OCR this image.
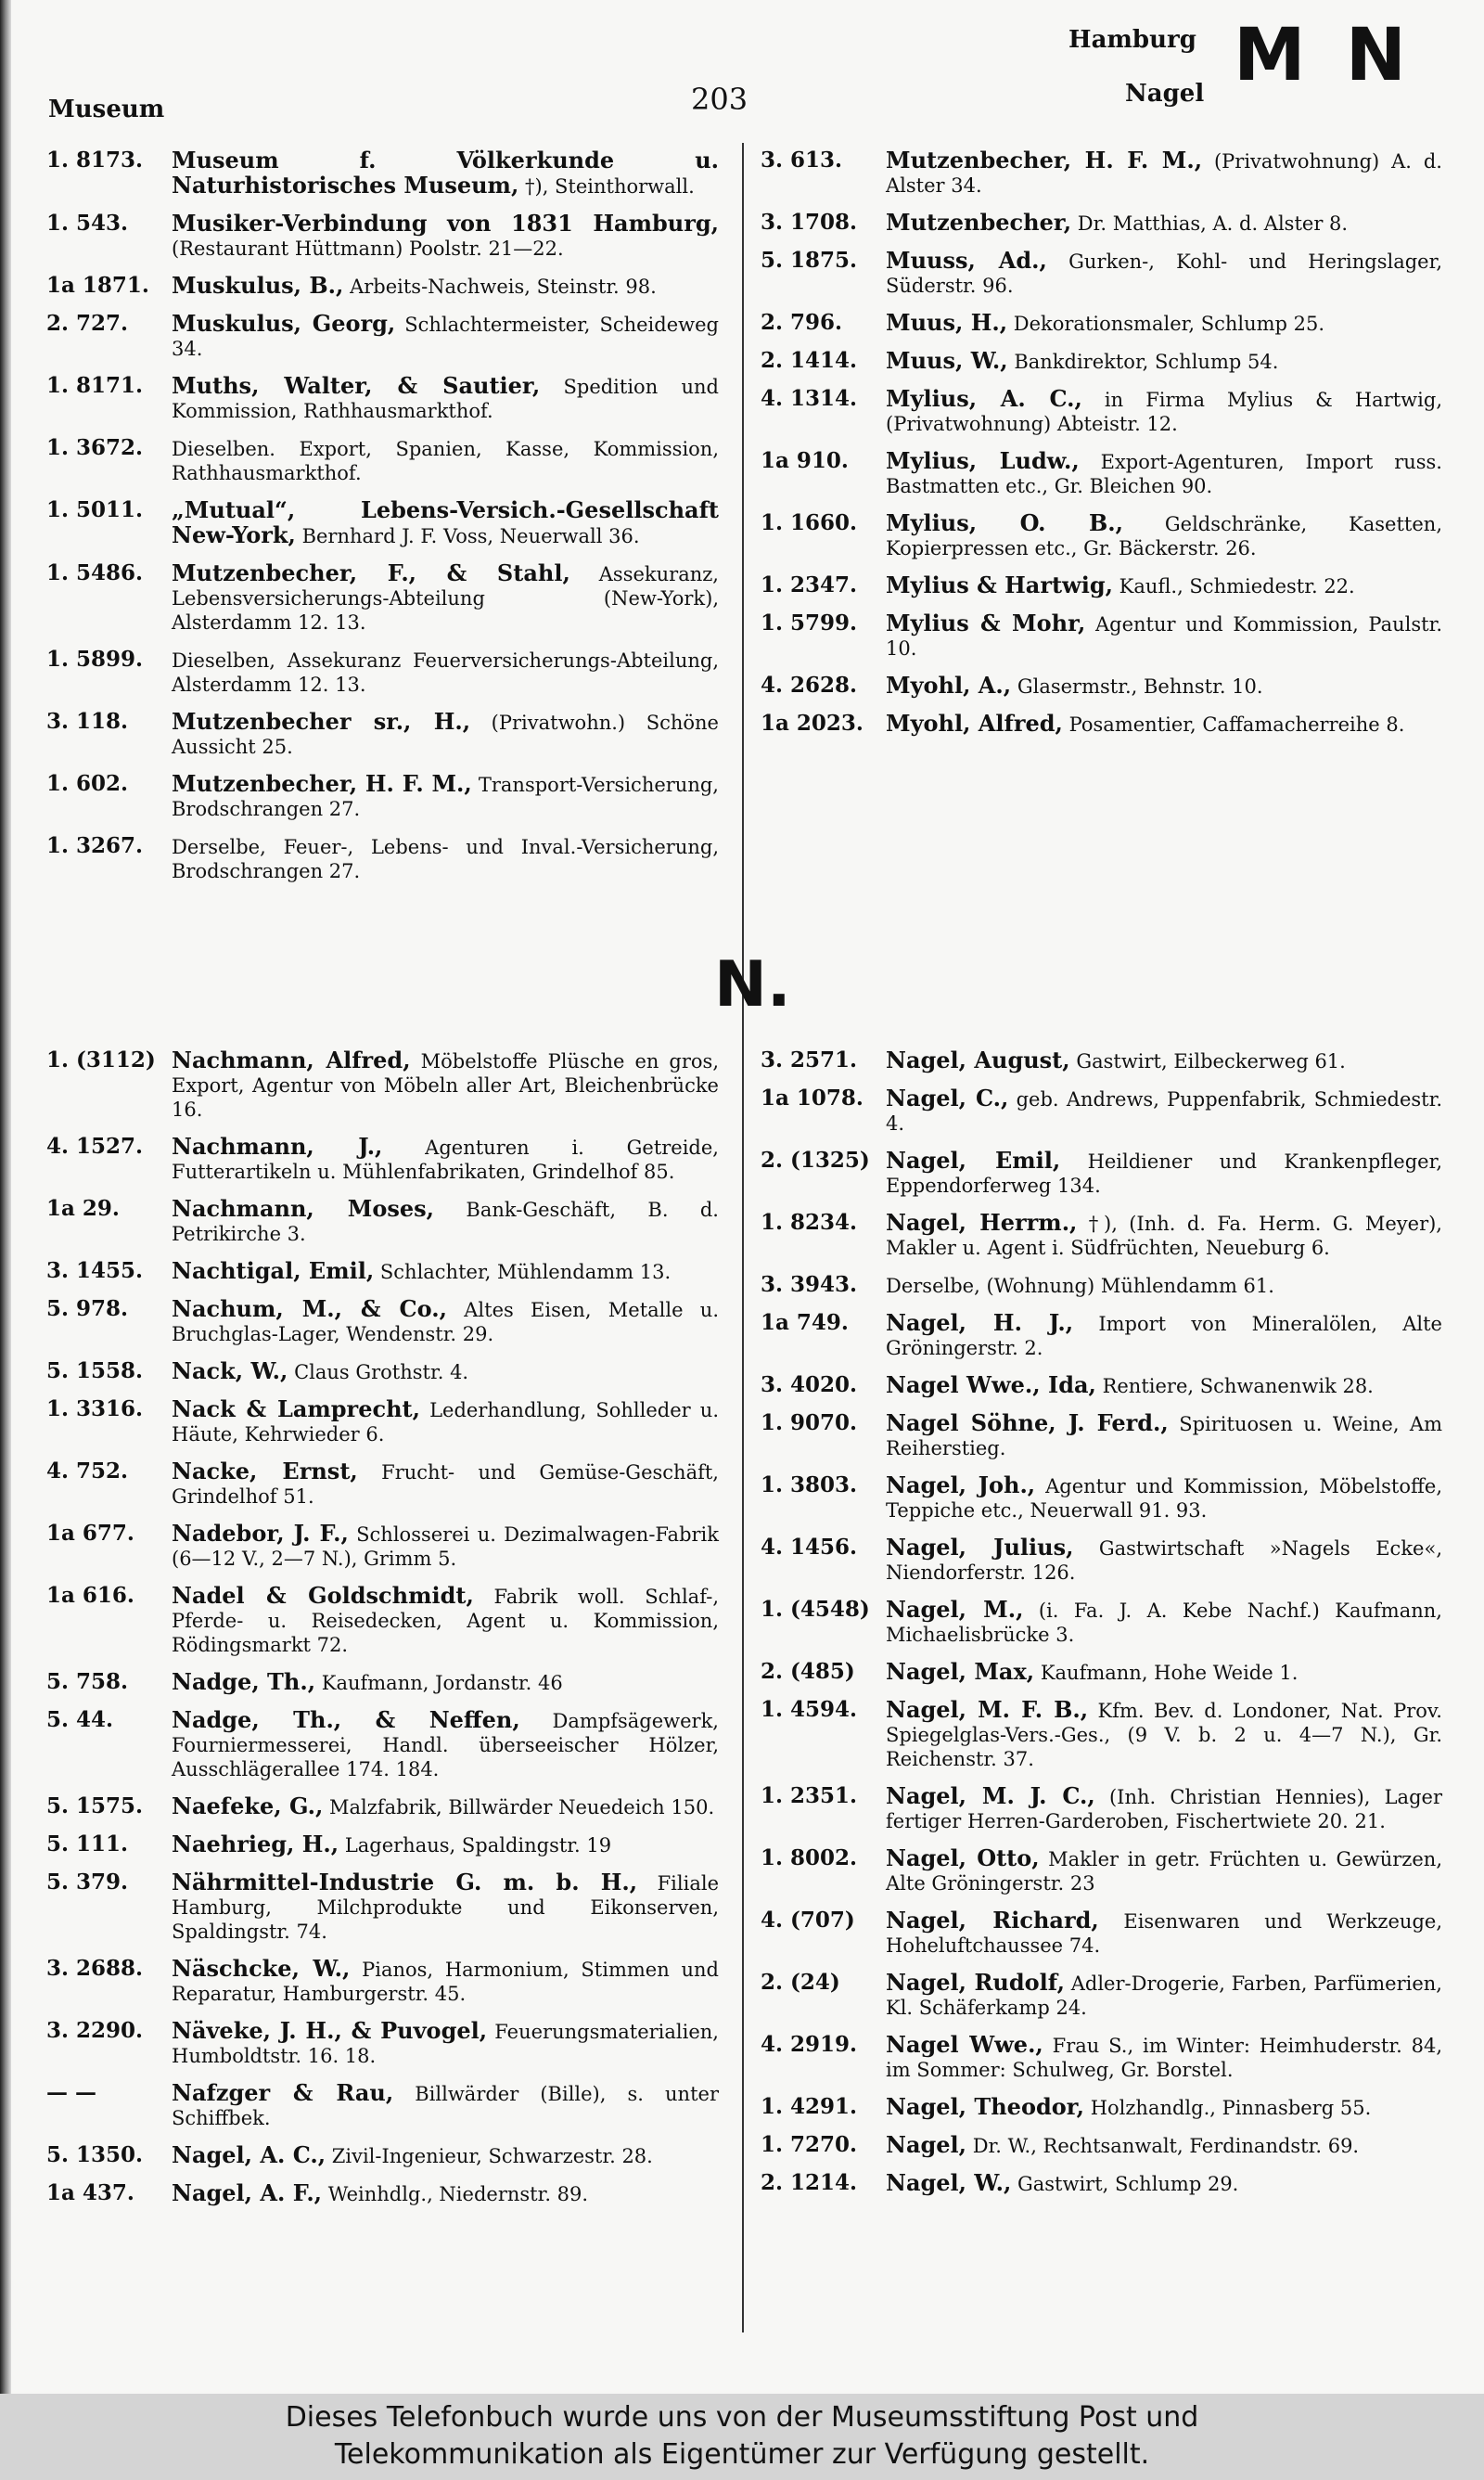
Museum	203
Hamburg
Nagel M N
1. 8173.	Museum f. Völkerkunde u. Naturhistorisches Museum, †), Steinthorwall.
1. 543.	Musiker-Verbindung von 1831 Hamburg, (Restaurant Hüttmann) Poolstr. 21—22.
1a 1871.	Muskulus, B., Arbeits-Nachweis, Steinstr. 98.
2. 727.	Muskulus, Georg, Schlachtermeister, Scheideweg 34.
1. 8171.	Muths, Walter, & Sautier, Spedition und Kommission, Rathhausmarkthof.
1. 3672.	Dieselben. Export, Spanien, Kasse, Kommission, Rathhausmarkthof.
1. 5011.	„Mutual“, Lebens-Versich.-Gesellschaft New-York, Bernhard J. F. Voss, Neuerwall 36.
1. 5486.	Mutzenbecher, F., & Stahl, Assekuranz, Lebensversicherungs-Abteilung (New-York), Alsterdamm 12. 13.
1. 5899.	Dieselben, Assekuranz Feuerversicherungs-Abteilung, Alsterdamm 12. 13.
3. 118.	Mutzenbecher sr., H., (Privatwohn.) Schöne Aussicht 25.
1. 602.	Mutzenbecher, H. F. M., Transport-Versicherung, Brodschrangen 27.
1. 3267.	Derselbe, Feuer-, Lebens- und Inval.-Versicherung, Brodschrangen 27.
3. 613.	Mutzenbecher, H. F. M., (Privatwohnung) A. d. Alster 34.
3. 1708.	Mutzenbecher, Dr. Matthias, A. d. Alster 8.
5. 1875.	Muuss, Ad., Gurken-, Kohl- und Heringslager, Süderstr. 96.
2. 796.	Muus, H., Dekorationsmaler, Schlump 25.
2. 1414.	Muus, W., Bankdirektor, Schlump 54.
4. 1314.	Mylius, A. C., in Firma Mylius & Hartwig, (Privatwohnung) Abteistr. 12.
1a 910.	Mylius, Ludw., Export-Agenturen, Import russ. Bastmatten etc., Gr. Bleichen 90.
1. 1660.	Mylius, O. B., Geldschränke, Kasetten, Kopierpressen etc., Gr. Bäckerstr. 26.
1. 2347.	Mylius & Hartwig, Kaufl., Schmiedestr. 22.
1. 5799.	Mylius & Mohr, Agentur und Kommission, Paulstr. 10.
4. 2628.	Myohl, A., Glasermstr., Behnstr. 10.
1a 2023.	Myohl, Alfred, Posamentier, Caffamacherreihe 8.
N.
1. (3112) Nachmann, Alfred, Möbelstoffe Plüsche en gros, Export, Agentur von Möbeln aller Art, Bleichenbrücke 16.
4. 1527.	Nachmann, J., Agenturen i. Getreide, Futterartikeln u. Mühlenfabrikaten, Grindelhof 85.
1a 29.	Nachmann, Moses, Bank-Geschäft, B. d. Petrikirche 3.
3. 1455.	Nachtigal, Emil, Schlachter, Mühlendamm 13.
5. 978.	Nachum, M., & Co., Altes Eisen, Metalle u. Bruchglas-Lager, Wendenstr. 29.
5. 1558.	Nack, W., Claus Grothstr. 4.
1. 3316.	Nack & Lamprecht, Lederhandlung, Sohlleder u. Häute, Kehrwieder 6.
4. 752.	Nacke, Ernst, Frucht- und Gemüse-Geschäft, Grindelhof 51.
1a 677.	Nadebor, J. F., Schlosserei u. Dezimalwagen-Fabrik (6—12 V., 2—7 N.), Grimm 5.
1a 616.	Nadel & Goldschmidt, Fabrik woll. Schlaf-, Pferde- u. Reisedecken, Agent u. Kommission, Rödingsmarkt 72.
5. 758.	Nadge, Th., Kaufmann, Jordanstr. 46
5. 44.	Nadge, Th., & Neffen, Dampfsägewerk, Fourniermesserei, Handl. überseeischer Hölzer, Ausschlägerallee 174. 184.
5. 1575.	Naefeke, G., Malzfabrik, Billwärder Neuedeich 150.
5. 111.	Naehrieg, H., Lagerhaus, Spaldingstr. 19
5. 379.	Nährmittel-Industrie G. m. b. H., Filiale Hamburg, Milchprodukte und Eikonserven, Spaldingstr. 74.
3. 2688.	Näschcke, W., Pianos, Harmonium, Stimmen und Reparatur, Hamburgerstr. 45.
3. 2290.	Näveke, J. H., & Puvogel, Feuerungsmaterialien, Humboldtstr. 16. 18.
— —	Nafzger & Rau, Billwärder (Bille), s. unter Schiffbek.
5. 1350.	Nagel, A. C., Zivil-Ingenieur, Schwarzestr. 28.
1a 437.	Nagel, A. F., Weinhdlg., Niedernstr. 89.
3. 2571.	Nagel, August, Gastwirt, Eilbeckerweg 61.
1a 1078.	Nagel, C., geb. Andrews, Puppenfabrik, Schmiedestr. 4.
2. (1325) Nagel, Emil, Heildiener und Krankenpfleger, Eppendorferweg 134.
1. 8234.	Nagel, Herrm., †), (Inh. d. Fa. Herm. G. Meyer), Makler u. Agent i. Südfrüchten, Neueburg 6.
3. 3943.	Derselbe, (Wohnung) Mühlendamm 61.
1a 749.	Nagel, H. J., Import von Mineralölen, Alte Gröningerstr. 2.
3. 4020.	Nagel Wwe., Ida, Rentiere, Schwanenwik 28.
1. 9070.	Nagel Söhne, J. Ferd., Spirituosen u. Weine, Am Reiherstieg.
1. 3803.	Nagel, Joh., Agentur und Kommission, Möbelstoffe, Teppiche etc., Neuerwall 91. 93.
4. 1456.	Nagel, Julius, Gastwirtschaft »Nagels Ecke«, Niendorferstr. 126.
1. (4548) Nagel, M., (i. Fa. J. A. Kebe Nachf.) Kaufmann, Michaelisbrücke 3.
2. (485)	Nagel, Max, Kaufmann, Hohe Weide 1.
1. 4594.	Nagel, M. F. B., Kfm. Bev. d. Londoner, Nat. Prov. Spiegelglas-Vers.-Ges., (9 V. b. 2 u. 4—7 N.), Gr. Reichenstr. 37.
1. 2351.	Nagel, M. J. C., (Inh. Christian Hennies), Lager fertiger Herren-Garderoben, Fischertwiete 20. 21.
1. 8002.	Nagel, Otto, Makler in getr. Früchten u. Gewürzen, Alte Gröningerstr. 23
4. (707)	Nagel, Richard, Eisenwaren und Werkzeuge, Hoheluftchaussee 74.
2. (24)	Nagel, Rudolf, Adler-Drogerie, Farben, Parfümerien, Kl. Schäferkamp 24.
4. 2919.	Nagel Wwe., Frau S., im Winter: Heimhuderstr. 84, im Sommer: Schulweg, Gr. Borstel.
1. 4291.	Nagel, Theodor, Holzhandlg., Pinnasberg 55.
1. 7270.	Nagel, Dr. W., Rechtsanwalt, Ferdinandstr. 69.
2. 1214.	Nagel, W., Gastwirt, Schlump 29.
Dieses Telefonbuch wurde uns von der Museumsstiftung Post und
Telekommunikation als Eigentümer zur Verfügung gestellt.
